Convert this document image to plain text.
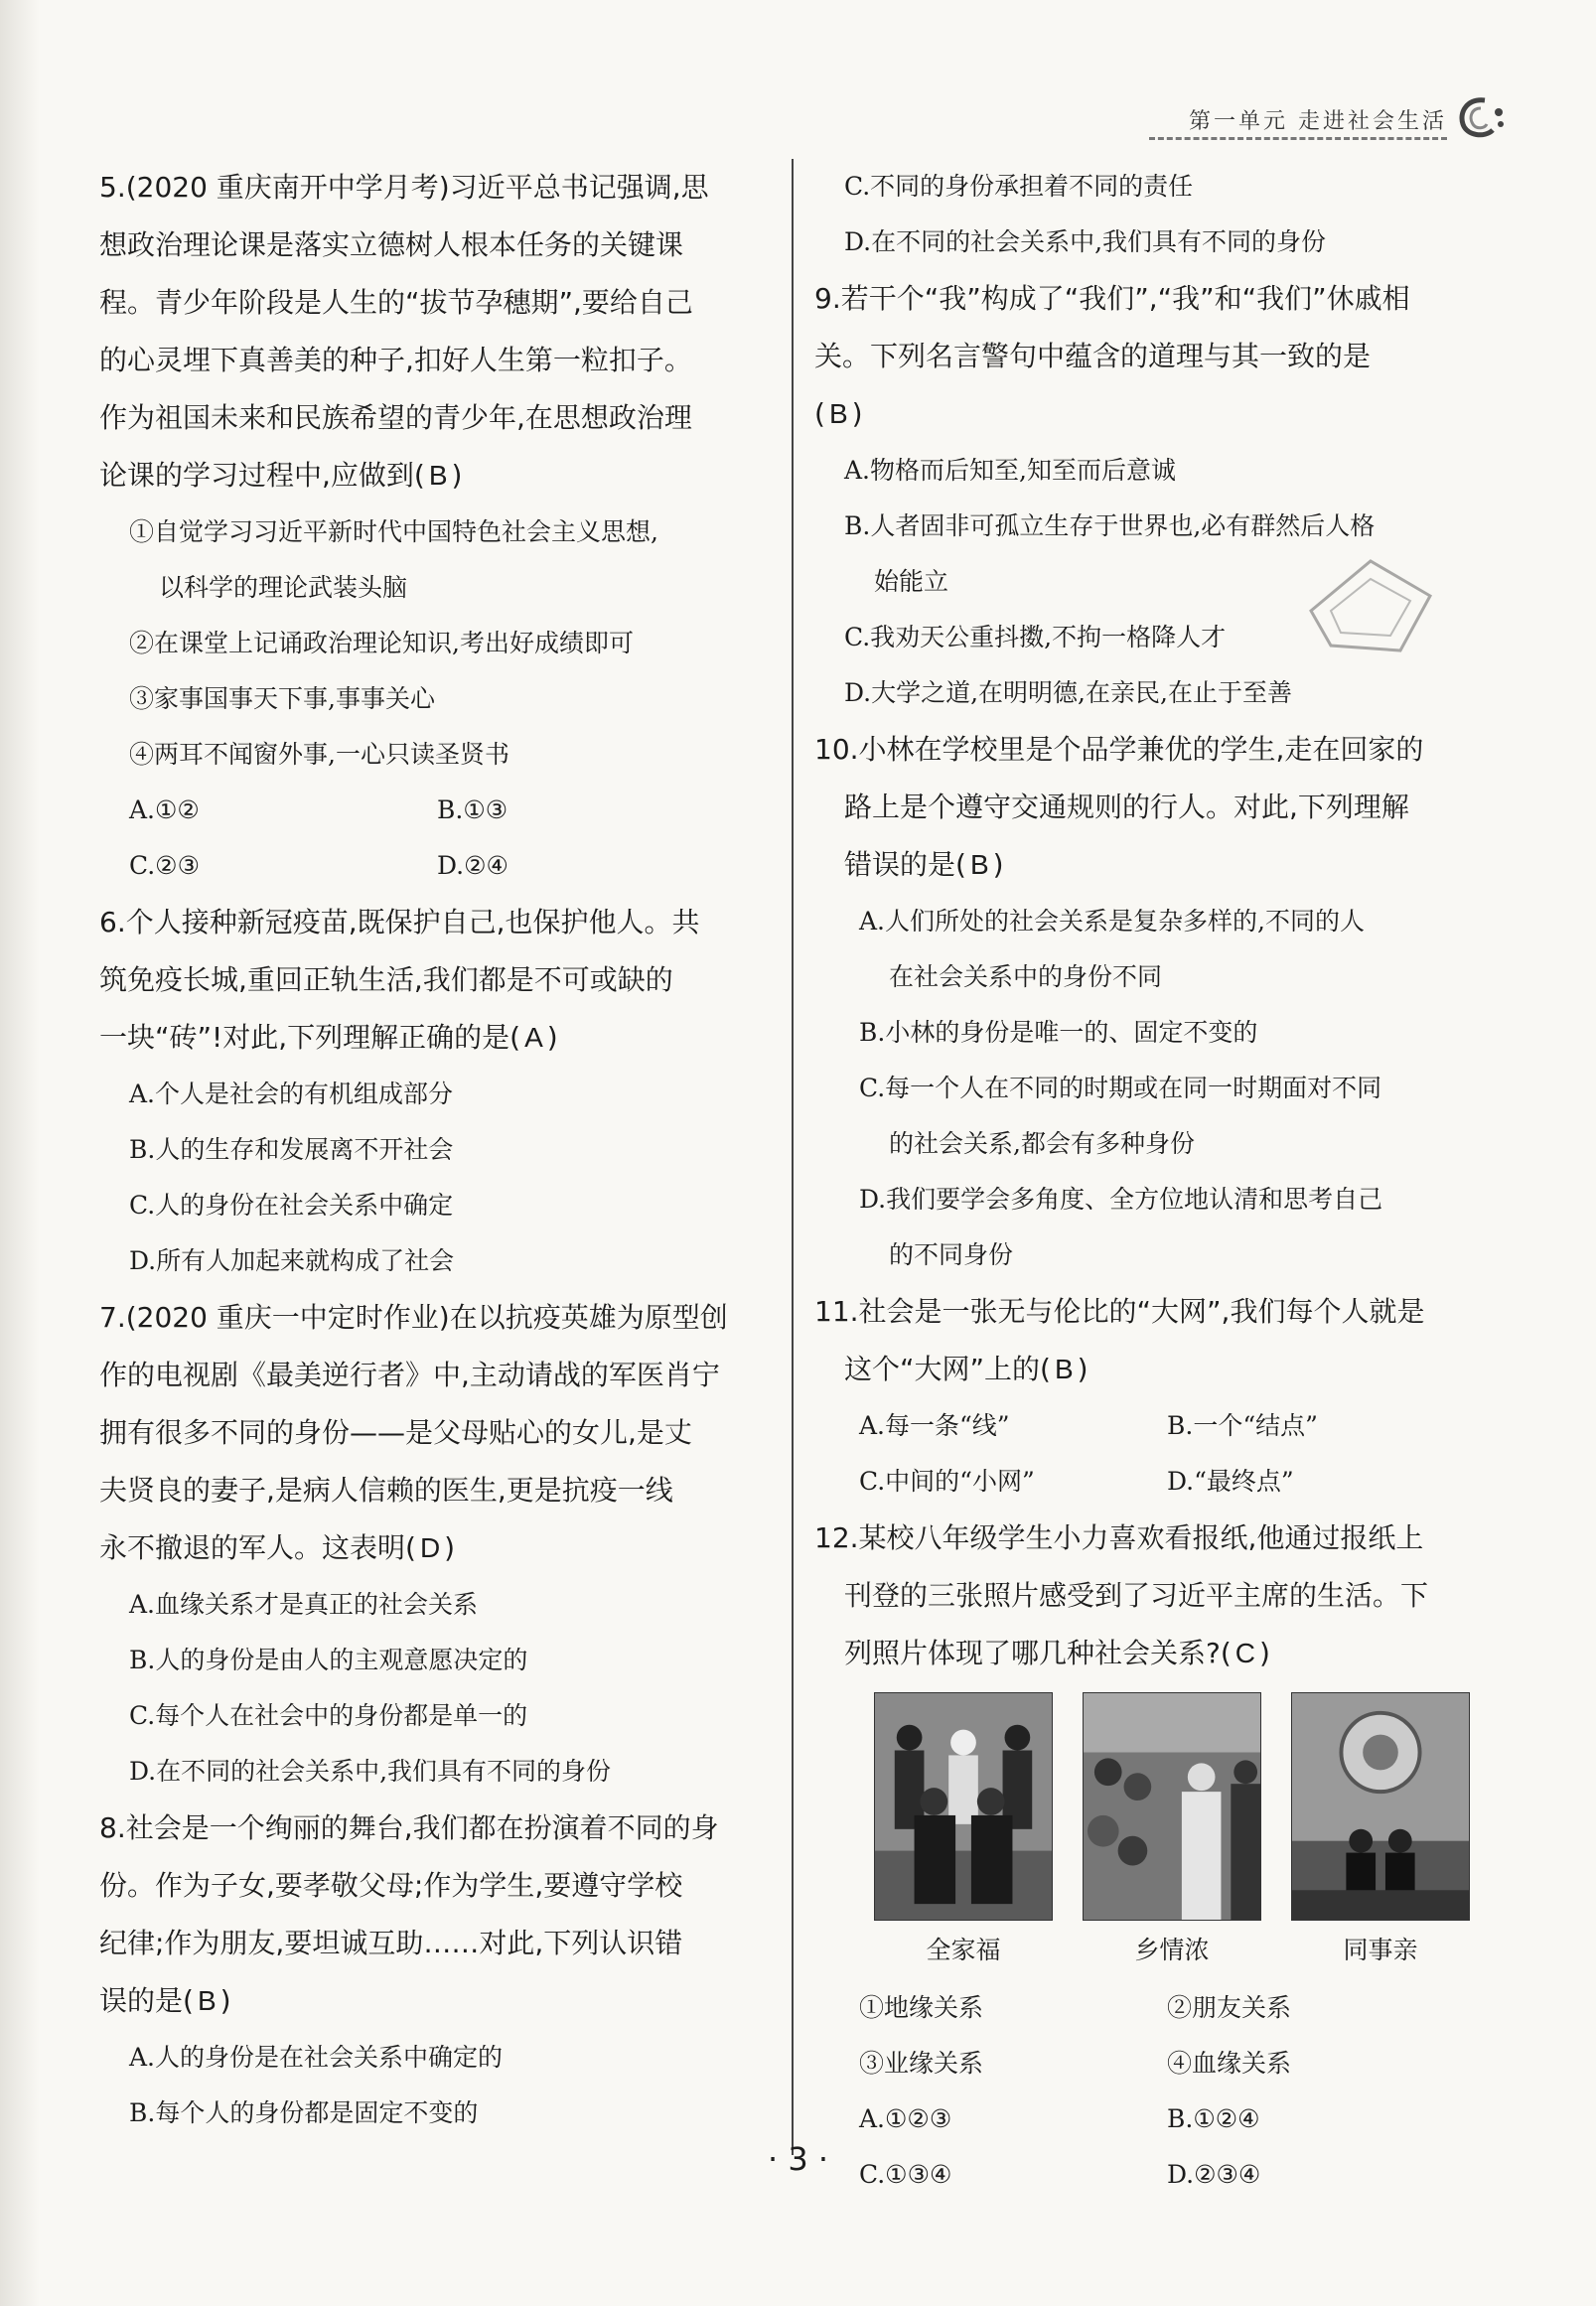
第一单元 走进社会生活
5.(2020 重庆南开中学月考)习近平总书记强调,思
想政治理论课是落实立德树人根本任务的关键课
程。青少年阶段是人生的“拔节孕穗期”,要给自己
的心灵埋下真善美的种子,扣好人生第一粒扣子。
作为祖国未来和民族希望的青少年,在思想政治理
论课的学习过程中,应做到( B )
①自觉学习习近平新时代中国特色社会主义思想,
以科学的理论武装头脑
②在课堂上记诵政治理论知识,考出好成绩即可
③家事国事天下事,事事关心
④两耳不闻窗外事,一心只读圣贤书
A.①②	B.①③
C.②③	D.②④
6.个人接种新冠疫苗,既保护自己,也保护他人。共
筑免疫长城,重回正轨生活,我们都是不可或缺的
一块“砖”!对此,下列理解正确的是( A )
A.个人是社会的有机组成部分
B.人的生存和发展离不开社会
C.人的身份在社会关系中确定
D.所有人加起来就构成了社会
7.(2020 重庆一中定时作业)在以抗疫英雄为原型创
作的电视剧《最美逆行者》中,主动请战的军医肖宁
拥有很多不同的身份——是父母贴心的女儿,是丈
夫贤良的妻子,是病人信赖的医生,更是抗疫一线
永不撤退的军人。这表明( D )
A.血缘关系才是真正的社会关系
B.人的身份是由人的主观意愿决定的
C.每个人在社会中的身份都是单一的
D.在不同的社会关系中,我们具有不同的身份
8.社会是一个绚丽的舞台,我们都在扮演着不同的身
份。作为子女,要孝敬父母;作为学生,要遵守学校
纪律;作为朋友,要坦诚互助……对此,下列认识错
误的是( B )
A.人的身份是在社会关系中确定的
B.每个人的身份都是固定不变的
C.不同的身份承担着不同的责任
D.在不同的社会关系中,我们具有不同的身份
9.若干个“我”构成了“我们”,“我”和“我们”休戚相
关。下列名言警句中蕴含的道理与其一致的是
( B )
A.物格而后知至,知至而后意诚
B.人者固非可孤立生存于世界也,必有群然后人格
始能立
C.我劝天公重抖擞,不拘一格降人才
D.大学之道,在明明德,在亲民,在止于至善
10.小林在学校里是个品学兼优的学生,走在回家的
路上是个遵守交通规则的行人。对此,下列理解
错误的是( B )
A.人们所处的社会关系是复杂多样的,不同的人
在社会关系中的身份不同
B.小林的身份是唯一的、固定不变的
C.每一个人在不同的时期或在同一时期面对不同
的社会关系,都会有多种身份
D.我们要学会多角度、全方位地认清和思考自己
的不同身份
11.社会是一张无与伦比的“大网”,我们每个人就是
这个“大网”上的( B )
A.每一条“线”	B.一个“结点”
C.中间的“小网”	D.“最终点”
12.某校八年级学生小力喜欢看报纸,他通过报纸上
刊登的三张照片感受到了习近平主席的生活。下
列照片体现了哪几种社会关系?( C )
全家福	乡情浓	同事亲
①地缘关系	②朋友关系
③业缘关系	④血缘关系
A.①②③	B.①②④
C.①③④	D.②③④
· 3 ·
